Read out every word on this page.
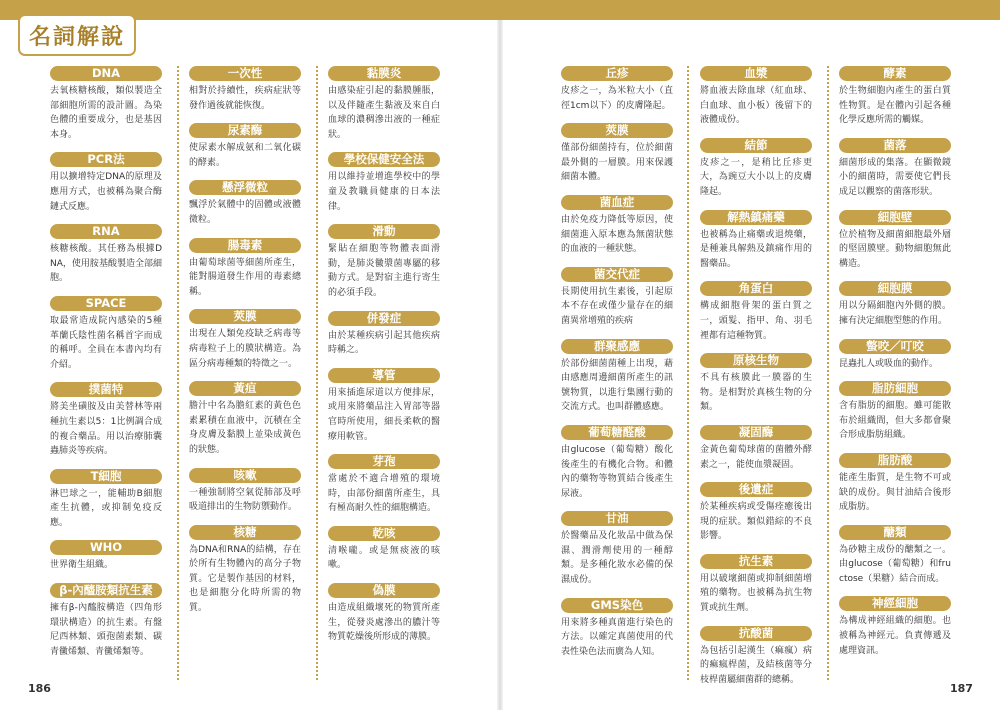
名詞解說
DNA
去氧核糖核酸，類似製造全部細胞所需的設計圖。為染色體的重要成分，也是基因本身。
PCR法
用以擴增特定DNA的原理及應用方式，也被稱為聚合酶鏈式反應。
RNA
核糖核酸。其任務為根據DNA，使用胺基酸製造全部細胞。
SPACE
取最常造成院內感染的5種革蘭氏陰性菌名稱首字而成的稱呼。全員在本書內均有介紹。
撲菌特
將美坐磺胺及由美替林等兩種抗生素以5：1比例調合成的複合藥品。用以治療肺囊蟲肺炎等疾病。
T細胞
淋巴球之一，能輔助B細胞產生抗體，或抑制免疫反應。
WHO
世界衛生組織。
β-內醯胺類抗生素
擁有β-內醯胺構造（四角形環狀構造）的抗生素。有盤尼西林類、頭孢菌素類、碳青黴烯類、青黴烯類等。
一次性
相對於持續性，疾病症狀等發作過後就能恢復。
尿素酶
使尿素水解成氨和二氧化碳的酵素。
懸浮微粒
飄浮於氣體中的固體或液體微粒。
腸毒素
由葡萄球菌等細菌所產生，能對腸道發生作用的毒素總稱。
莢膜
出現在人類免疫缺乏病毒等病毒粒子上的膜狀構造。為區分病毒種類的特徵之一。
黃疸
膽汁中名為膽紅素的黃色色素累積在血液中，沉積在全身皮膚及黏膜上並染成黃色的狀態。
咳嗽
一種強制將空氣從肺部及呼吸道排出的生物防禦動作。
核糖
為DNA和RNA的結構，存在於所有生物體內的高分子物質。它是製作基因的材料，也是細胞分化時所需的物質。
黏膜炎
由感染症引起的黏膜腫脹，以及伴隨產生黏液及來自白血球的濃稠滲出液的一種症狀。
學校保健安全法
用以維持並增進學校中的學童及教職員健康的日本法律。
滑動
緊貼在細胞等物體表面滑動，是肺炎黴漿菌專屬的移動方式。是對宿主進行寄生的必須手段。
併發症
由於某種疾病引起其他疾病時稱之。
導管
用來插進尿道以方便排尿，或用來將藥品注入胃部等器官時所使用，細長柔軟的醫療用軟管。
芽孢
當處於不適合增殖的環境時，由部份細菌所產生，具有極高耐久性的細胞構造。
乾咳
清喉嚨。或是無痰液的咳嗽。
偽膜
由造成組織壞死的物質所產生，從發炎處滲出的膿汁等物質乾燥後所形成的薄膜。
丘疹
皮疹之一，為米粒大小（直徑1cm以下）的皮膚隆起。
莢膜
僅部份細菌持有，位於細菌最外側的一層膜。用來保護細菌本體。
菌血症
由於免疫力降低等原因，使細菌進入原本應為無菌狀態的血液的一種狀態。
菌交代症
長期使用抗生素後，引起原本不存在或僅少量存在的細菌異常增殖的疾病
群聚感應
於部份細菌菌種上出現，藉由感應周邊細菌所產生的訊號物質，以進行集團行動的交流方式。也叫群體感應。
葡萄糖醛酸
由glucose（葡萄糖）酸化後產生的有機化合物。和體內的藥物等物質結合後產生尿液。
甘油
於醫藥品及化妝品中做為保濕、潤滑劑使用的一種醇類。是多種化妝水必備的保濕成份。
GMS染色
用來將多種真菌進行染色的方法。以確定真菌使用的代表性染色法而廣為人知。
血漿
將血液去除血球（紅血球、白血球、血小板）後留下的液體成份。
結節
皮疹之一，是稍比丘疹更大，為豌豆大小以上的皮膚隆起。
解熱鎮痛藥
也被稱為止痛藥或退燒藥，是種兼具解熱及鎮痛作用的醫藥品。
角蛋白
構成細胞骨架的蛋白質之一，頭髮、指甲、角、羽毛裡都有這種物質。
原核生物
不具有核膜此一膜器的生物。是相對於真核生物的分類。
凝固酶
金黃色葡萄球菌的菌體外酵素之一，能使血漿凝固。
後遺症
於某種疾病或受傷痊癒後出現的症狀。類似錯綜的不良影響。
抗生素
用以破壞細菌或抑制細菌增殖的藥物。也被稱為抗生物質或抗生劑。
抗酸菌
為包括引起漢生（痲瘋）病的痲瘋桿菌，及結核菌等分枝桿菌屬細菌群的總稱。
酵素
於生物細胞內產生的蛋白質性物質。是在體內引起各種化學反應所需的觸媒。
菌落
細菌形成的集落。在顯微鏡小的細菌時，需要使它們長成足以觀察的菌落形狀。
細胞壁
位於植物及細菌細胞最外層的堅固膜壁。動物細胞無此構造。
細胞膜
用以分隔細胞內外側的膜。擁有決定細胞型態的作用。
螫咬／叮咬
昆蟲扎人或吸血的動作。
脂肪細胞
含有脂肪的細胞。雖可能散布於組織間，但大多都會聚合形成脂肪組織。
脂肪酸
能產生脂質，是生物不可或缺的成份。與甘油結合後形成脂肪。
醣類
為砂糖主成份的醣類之一。由glucose（葡萄糖）和fructose（果糖）結合而成。
神經細胞
為構成神經組織的細胞。也被稱為神經元。負責傳遞及處理資訊。
186	187
